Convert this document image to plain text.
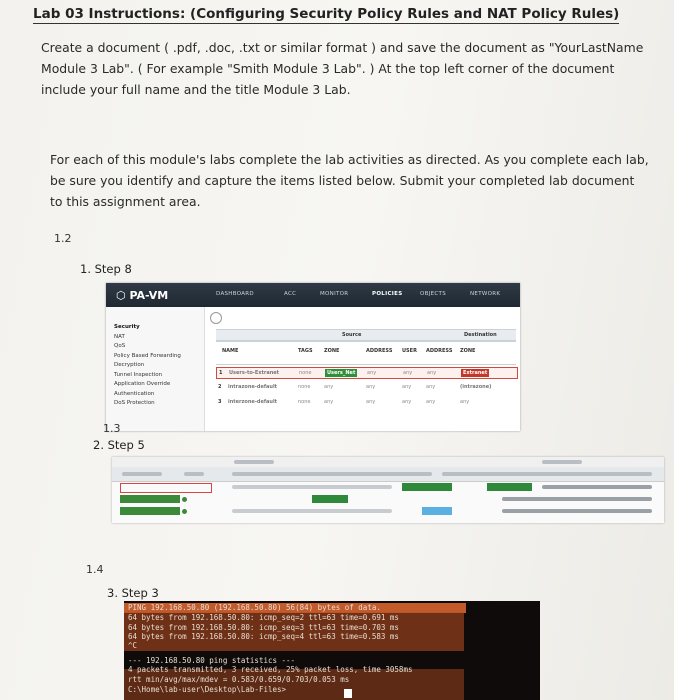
Lab 03 Instructions: (Configuring Security Policy Rules and NAT Policy Rules)
Create a document ( .pdf, .doc, .txt or similar format ) and save the document as "YourLastName Module 3 Lab". ( For example "Smith Module 3 Lab". ) At the top left corner of the document include your full name and the title Module 3 Lab.
For each of this module's labs complete the lab activities as directed. As you complete each lab, be sure you identify and capture the items listed below. Submit your completed lab document to this assignment area.
1.2
1. Step 8
⬡ PA-VM	DASHBOARD	ACC	MONITOR	POLICIES	OBJECTS	NETWORK
Security
NAT
QoS
Policy Based Forwarding
Decryption
Tunnel Inspection
Application Override
Authentication
DoS Protection
Source	Destination
NAME	TAGS ZONE	ADDRESS USER ADDRESS ZONE
1 Users-to-Extranet	none	Users_Net	any	any	any	Extranet
2 intrazone-default	none	any	any	any	any	(intrazone)
3 interzone-default	none	any	any	any	any	any
1.3
2. Step 5
1.4
3. Step 3
PING 192.168.50.80 (192.168.50.80) 56(84) bytes of data.
64 bytes from 192.168.50.80: icmp_seq=2 ttl=63 time=0.691 ms
64 bytes from 192.168.50.80: icmp_seq=3 ttl=63 time=0.703 ms
64 bytes from 192.168.50.80: icmp_seq=4 ttl=63 time=0.583 ms
^C
--- 192.168.50.80 ping statistics ---
4 packets transmitted, 3 received, 25% packet loss, time 3058ms
rtt min/avg/max/mdev = 0.583/0.659/0.703/0.053 ms
C:\Home\lab-user\Desktop\Lab-Files>
